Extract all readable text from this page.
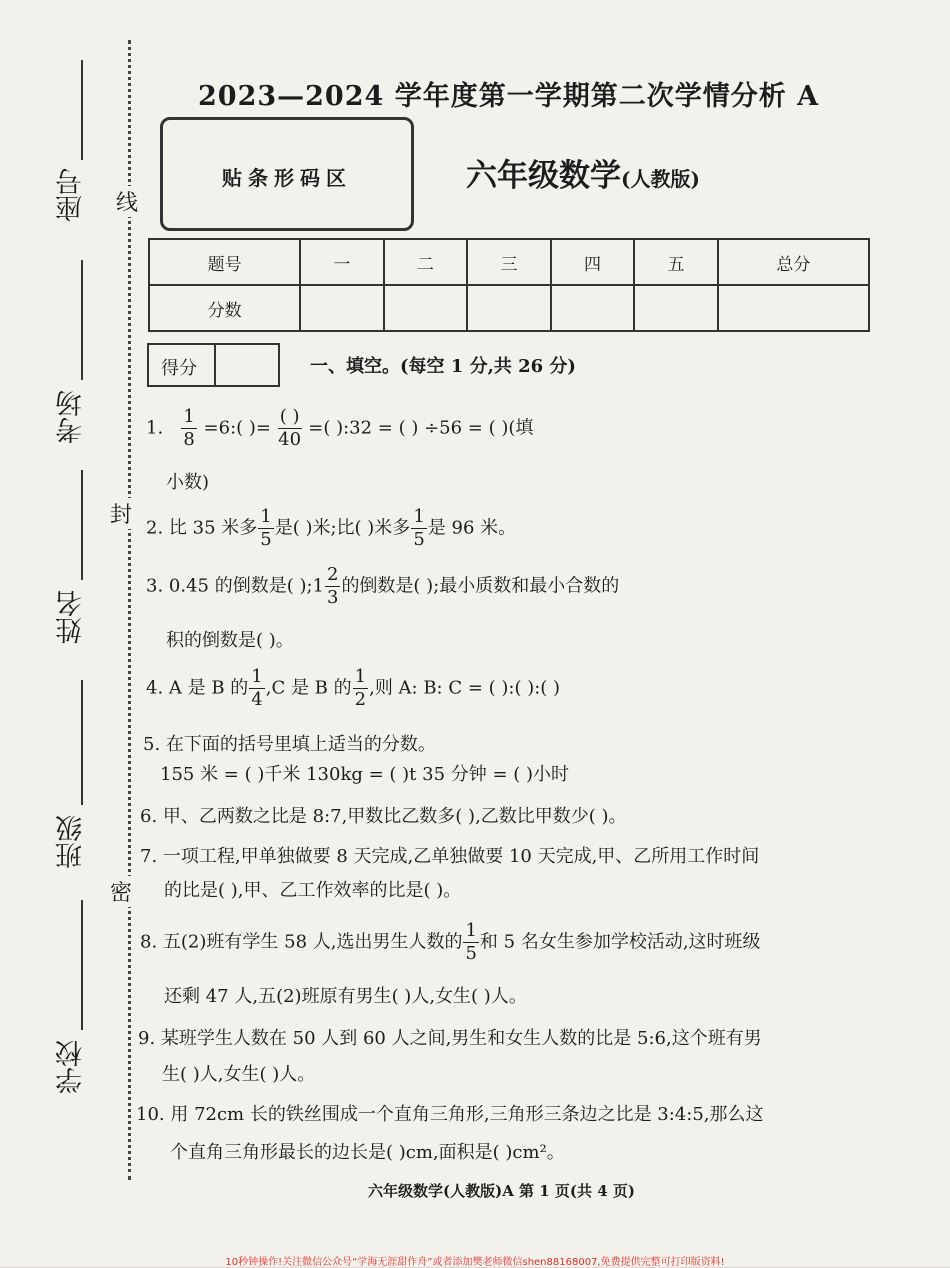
座号
考场
姓名
班级
学校
线
封
密
2023—2024 学年度第一学期第二次学情分析 A
贴条形码区	六年级数学(人教版)
题号	一	二	三	四	五	总分
分数						
得分	一、填空。(每空 1 分,共 26 分)
1. $\frac{1}{8}$ =6:( )= $\frac{( )}{40}$ =( ):32 = ( ) ÷56 = ( )(填
小数)
2. 比 35 米多 $\frac{1}{5}$ 是( )米;比( )米多 $\frac{1}{5}$ 是 96 米。
3. 0.45 的倒数是( );1 $\frac{2}{3}$ 的倒数是( );最小质数和最小合数的
积的倒数是( )。
4. A 是 B 的 $\frac{1}{4} ,C$ 是 B 的 $\frac{1}{2}$ ,则 A: B: C = ( ):( ):( )
5. 在下面的括号里填上适当的分数。
155 米 = ( )千米 130kg = ( )t 35 分钟 = ( )小时
6. 甲、乙两数之比是 8:7,甲数比乙数多( ),乙数比甲数少( )。
7. 一项工程,甲单独做要 8 天完成,乙单独做要 10 天完成,甲、乙所用工作时间
的比是( ),甲、乙工作效率的比是( )。
8. 五(2)班有学生 58 人,选出男生人数的 $\frac{1}{5}$ 和 5 名女生参加学校活动,这时班级
还剩 47 人,五(2)班原有男生( )人,女生( )人。
9. 某班学生人数在 50 人到 60 人之间,男生和女生人数的比是 5:6,这个班有男
生( )人,女生( )人。
10. 用 72cm 长的铁丝围成一个直角三角形,三角形三条边之比是 3:4:5,那么这
个直角三角形最长的边长是( )cm,面积是( )cm²。
六年级数学(人教版)A 第 1 页(共 4 页)
10秒钟操作!关注微信公众号“学海无涯甜作舟”或者添加樊老师微信shen88168007,免费提供完整可打印版资料!
